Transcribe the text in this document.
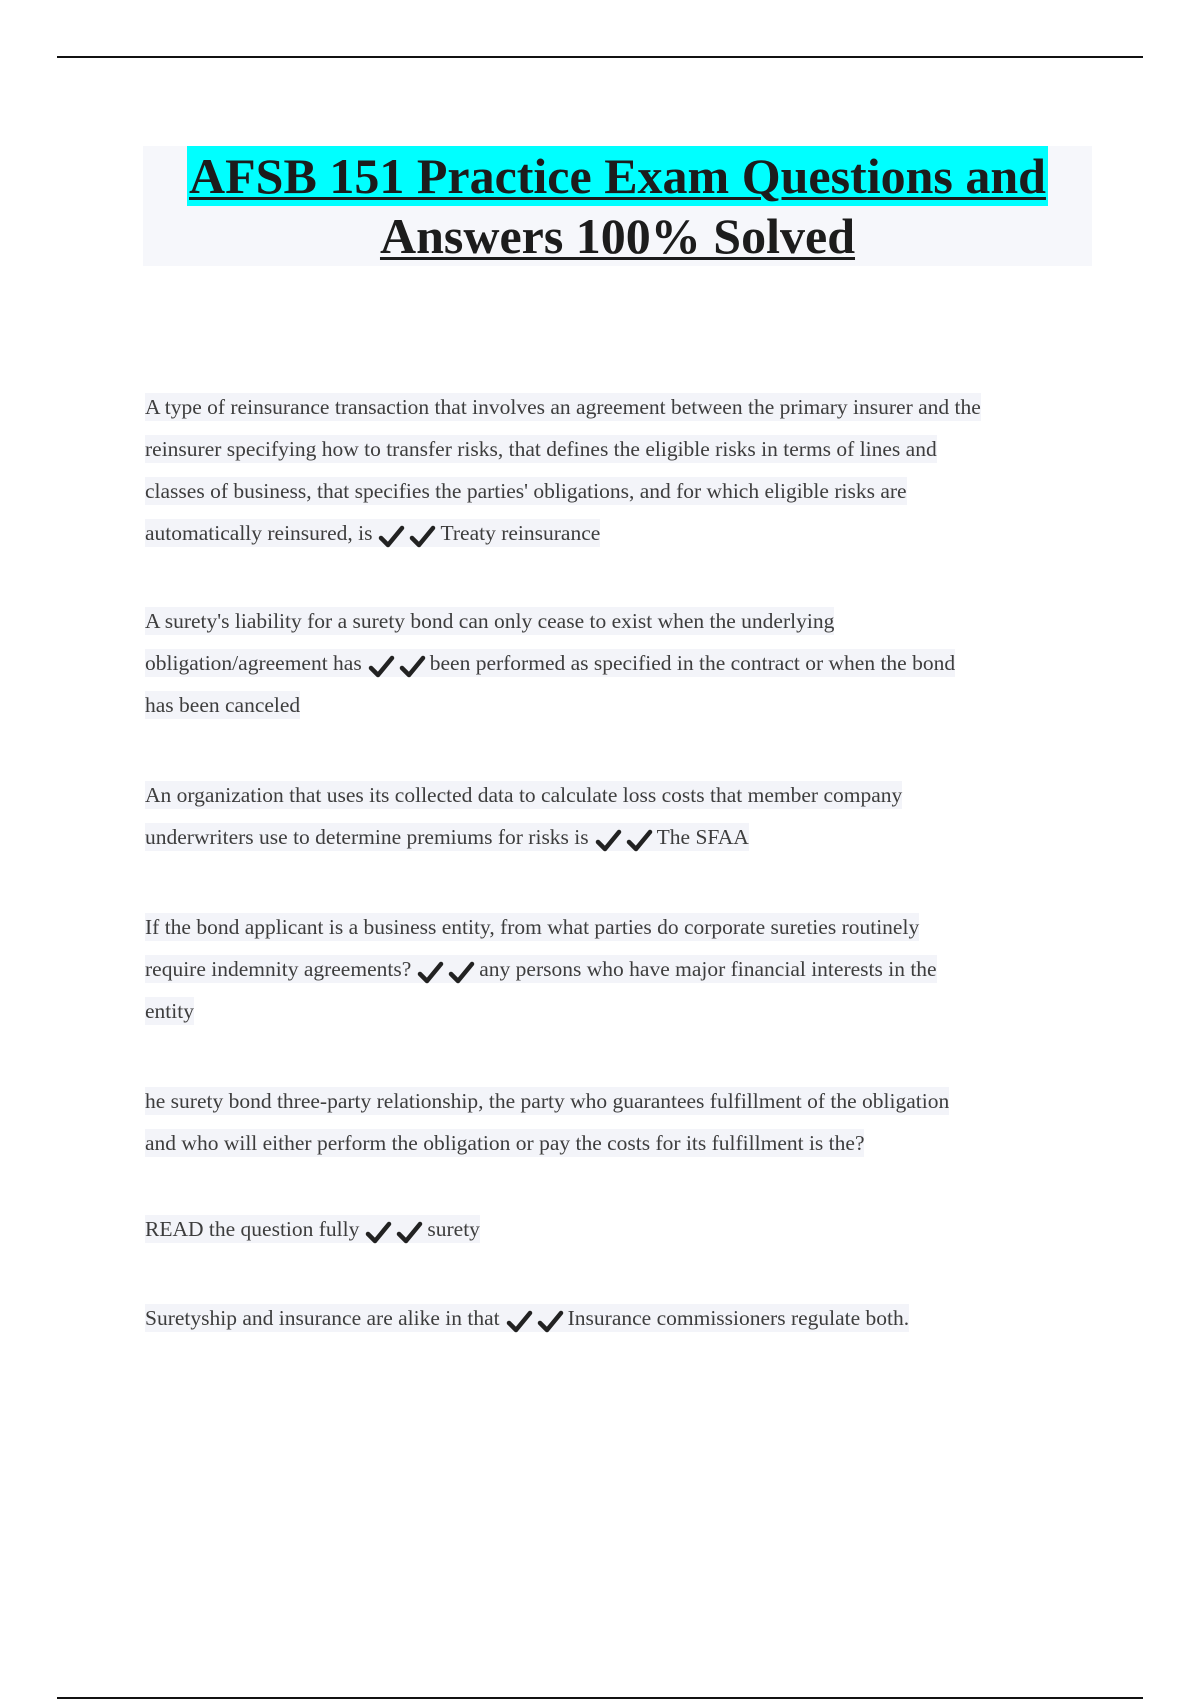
AFSB 151 Practice Exam Questions and
Answers 100% Solved
A type of reinsurance transaction that involves an agreement between the primary insurer and the
reinsurer specifying how to transfer risks, that defines the eligible risks in terms of lines and
classes of business, that specifies the parties' obligations, and for which eligible risks are
automatically reinsured, is	Treaty reinsurance
A surety's liability for a surety bond can only cease to exist when the underlying
obligation/agreement has	been performed as specified in the contract or when the bond
has been canceled
An organization that uses its collected data to calculate loss costs that member company
underwriters use to determine premiums for risks is	The SFAA
If the bond applicant is a business entity, from what parties do corporate sureties routinely
require indemnity agreements?	any persons who have major financial interests in the
entity
he surety bond three-party relationship, the party who guarantees fulfillment of the obligation
and who will either perform the obligation or pay the costs for its fulfillment is the?
READ the question fully	surety
Suretyship and insurance are alike in that	Insurance commissioners regulate both.
